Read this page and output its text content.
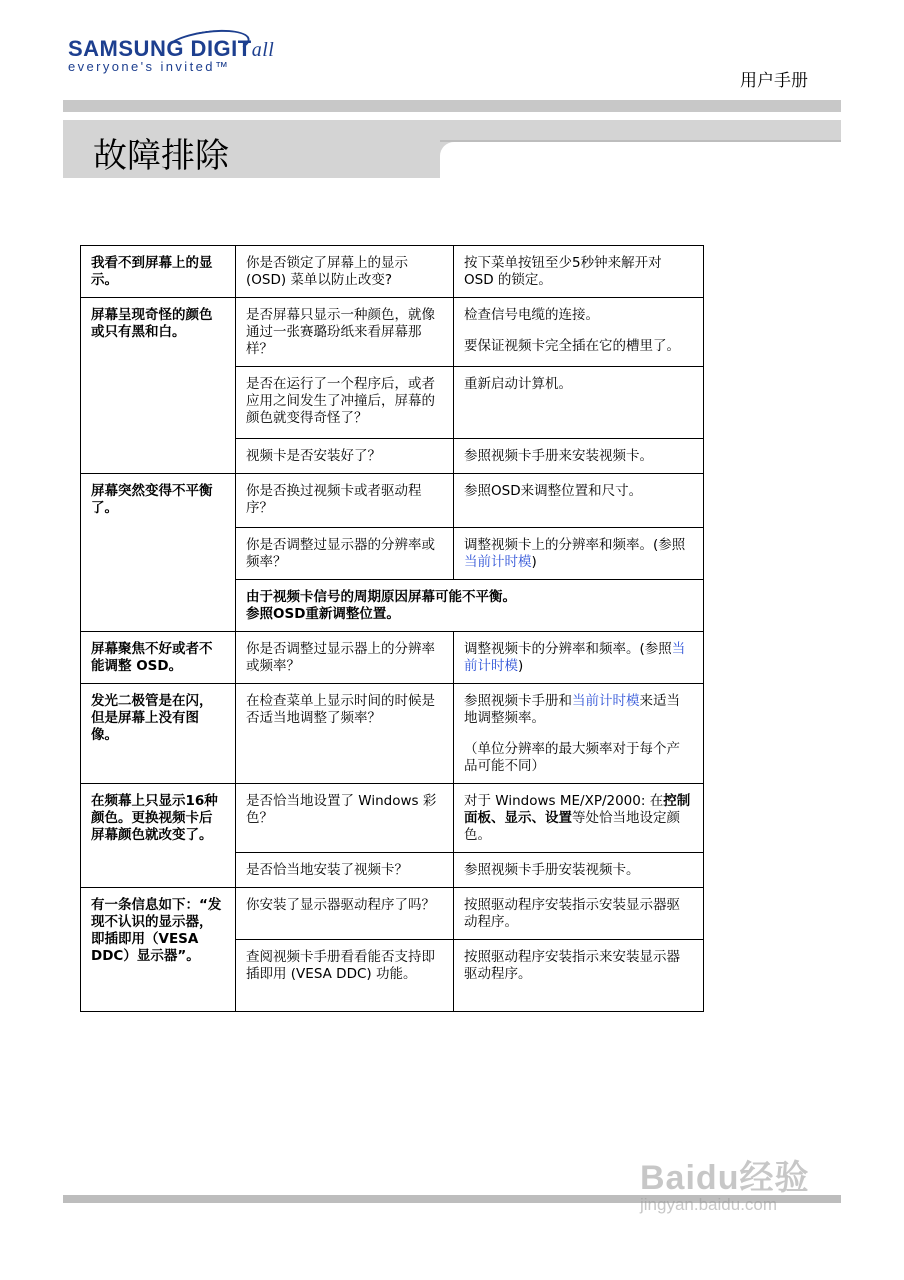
SAMSUNG DIGITall
everyone's invited™
用户手册
故障排除
我看不到屏幕上的显示。	你是否锁定了屏幕上的显示 (OSD) 菜单以防止改变?	按下菜单按钮至少5秒钟来解开对 OSD 的锁定。
屏幕呈现奇怪的颜色或只有黑和白。	是否屏幕只显示一种颜色，就像通过一张赛璐玢纸来看屏幕那样？	检查信号电缆的连接。

要保证视频卡完全插在它的槽里了。

	是否在运行了一个程序后，或者应用之间发生了冲撞后，屏幕的颜色就变得奇怪了？	重新启动计算机。
	视频卡是否安装好了？	参照视频卡手册来安装视频卡。
屏幕突然变得不平衡了。	你是否换过视频卡或者驱动程序？	参照OSD来调整位置和尺寸。
	你是否调整过显示器的分辨率或频率？	调整视频卡上的分辨率和频率。(参照当前计时模)

	由于视频卡信号的周期原因屏幕可能不平衡。
参照OSD重新调整位置。	

屏幕聚焦不好或者不能调整 OSD。	你是否调整过显示器上的分辨率或频率？	调整视频卡的分辨率和频率。(参照当前计时模)
发光二极管是在闪，但是屏幕上没有图像。	在检查菜单上显示时间的时候是否适当地调整了频率？	参照视频卡手册和当前计时模来适当地调整频率。

（单位分辨率的最大频率对于每个产品可能不同）

在频幕上只显示16种颜色。更换视频卡后屏幕颜色就改变了。	是否恰当地设置了 Windows 彩色？	对于 Windows ME/XP/2000: 在控制面板、显示、设置等处恰当地设定颜色。
	是否恰当地安装了视频卡？	参照视频卡手册安装视频卡。
有一条信息如下：“发现不认识的显示器，即插即用（VESA DDC）显示器”。	你安装了显示器驱动程序了吗？	按照驱动程序安装指示安装显示器驱动程序。
	查阅视频卡手册看看能否支持即插即用 (VESA DDC) 功能。	按照驱动程序安装指示来安装显示器驱动程序。
Baidu经验
jingyan.baidu.com
